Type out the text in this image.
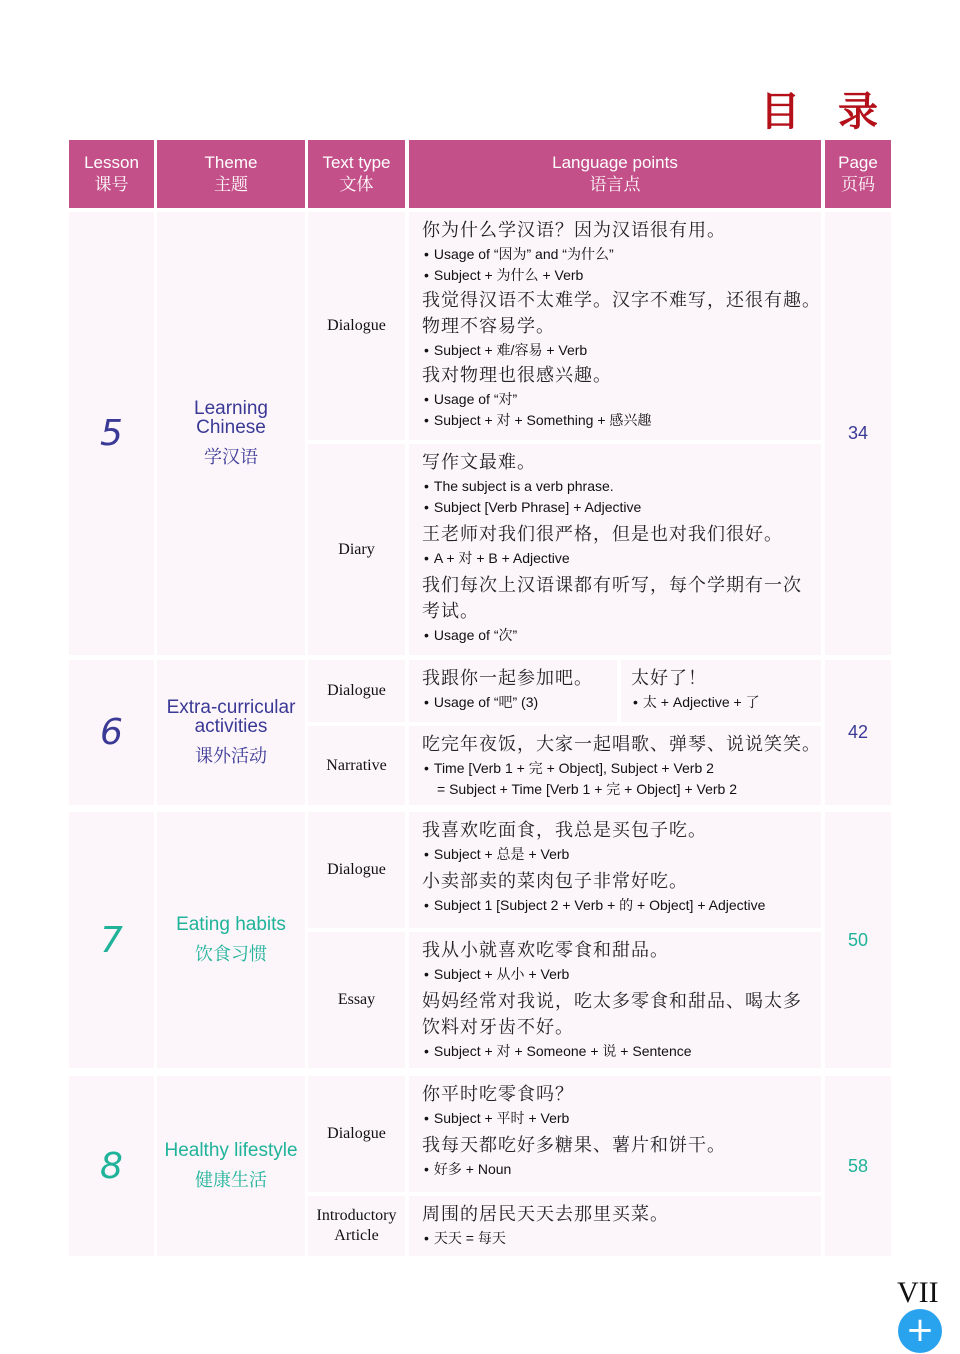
目 录
Lesson
课号
Theme
主题
Text type
文体
Language points
语言点
Page
页码
5
Learning
Chinese
学汉语
Dialogue
你为什么学汉语？因为汉语很有用。
• Usage of “因为” and “为什么”
• Subject + 为什么 + Verb
我觉得汉语不太难学。汉字不难写，还很有趣。
物理不容易学。
• Subject + 难/容易 + Verb
我对物理也很感兴趣。
• Usage of “对”
• Subject + 对 + Something + 感兴趣
Diary
写作文最难。
• The subject is a verb phrase.
• Subject [Verb Phrase] + Adjective
王老师对我们很严格，但是也对我们很好。
• A + 对 + B + Adjective
我们每次上汉语课都有听写，每个学期有一次
考试。
• Usage of “次”
34
6
Extra-curricular
activities
课外活动
Dialogue
我跟你一起参加吧。
• Usage of “吧” (3)
太好了！
• 太 + Adjective + 了
Narrative
吃完年夜饭，大家一起唱歌、弹琴、说说笑笑。
• Time [Verb 1 + 完 + Object], Subject + Verb 2
= Subject + Time [Verb 1 + 完 + Object] + Verb 2
42
7	Eating habits
饮食习惯
Dialogue
我喜欢吃面食，我总是买包子吃。
• Subject + 总是 + Verb
小卖部卖的菜肉包子非常好吃。
• Subject 1 [Subject 2 + Verb + 的 + Object] + Adjective
Essay
我从小就喜欢吃零食和甜品。
• Subject + 从小 + Verb
妈妈经常对我说，吃太多零食和甜品、喝太多
饮料对牙齿不好。
• Subject + 对 + Someone + 说 + Sentence
50
8 Healthy lifestyle
健康生活
Dialogue
你平时吃零食吗？
• Subject + 平时 + Verb
我每天都吃好多糖果、薯片和饼干。
• 好多 + Noun
Introductory
Article
周围的居民天天去那里买菜。
• 天天 = 每天
58
VII
+
